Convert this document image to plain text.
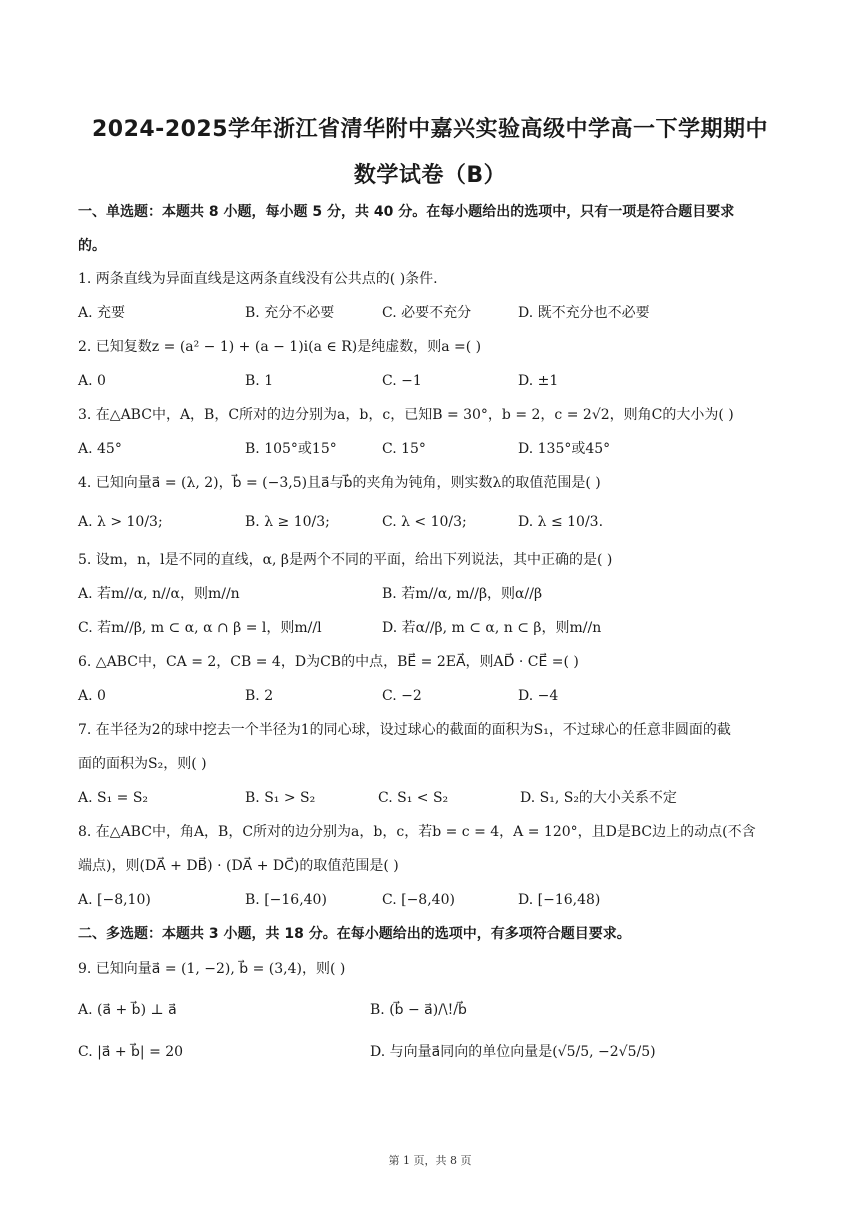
2024-2025学年浙江省清华附中嘉兴实验高级中学高一下学期期中
数学试卷（B）
一、单选题：本题共 8 小题，每小题 5 分，共 40 分。在每小题给出的选项中，只有一项是符合题目要求
的。
1. 两条直线为异面直线是这两条直线没有公共点的( )条件.
A. 充要	B. 充分不必要	C. 必要不充分	D. 既不充分也不必要
2. 已知复数z = (a² − 1) + (a − 1)i(a ∈ R)是纯虚数，则a =( )
A. 0	B. 1	C. −1	D. ±1
3. 在△ABC中，A，B，C所对的边分别为a，b，c，已知B = 30°，b = 2，c = 2√2，则角C的大小为( )
A. 45°	B. 105°或15°	C. 15°	D. 135°或45°
4. 已知向量a⃗ = (λ, 2)，b⃗ = (−3,5)且a⃗与b⃗的夹角为钝角，则实数λ的取值范围是( )
A. λ > 10/3;	B. λ ≥ 10/3;	C. λ < 10/3;	D. λ ≤ 10/3.
5. 设m，n，l是不同的直线，α, β是两个不同的平面，给出下列说法，其中正确的是( )
A. 若m//α, n//α，则m//n	B. 若m//α, m//β，则α//β
C. 若m//β, m ⊂ α, α ∩ β = l，则m//l	D. 若α//β, m ⊂ α, n ⊂ β，则m//n
6. △ABC中，CA = 2，CB = 4，D为CB的中点，BE⃗ = 2EA⃗，则AD⃗ · CE⃗ =( )
A. 0	B. 2	C. −2	D. −4
7. 在半径为2的球中挖去一个半径为1的同心球，设过球心的截面的面积为S₁，不过球心的任意非圆面的截
面的面积为S₂，则( )
A. S₁ = S₂	B. S₁ > S₂	C. S₁ < S₂	D. S₁, S₂的大小关系不定
8. 在△ABC中，角A，B，C所对的边分别为a，b，c，若b = c = 4，A = 120°，且D是BC边上的动点(不含
端点)，则(DA⃗ + DB⃗) · (DA⃗ + DC⃗)的取值范围是( )
A. [−8,10)	B. [−16,40)	C. [−8,40)	D. [−16,48)
二、多选题：本题共 3 小题，共 18 分。在每小题给出的选项中，有多项符合题目要求。
9. 已知向量a⃗ = (1, −2), b⃗ = (3,4)，则( )
A. (a⃗ + b⃗) ⊥ a⃗	B. (b⃗ − a⃗)/\!/b⃗
C. |a⃗ + b⃗| = 20	D. 与向量a⃗同向的单位向量是(√5/5, −2√5/5)
第 1 页，共 8 页
